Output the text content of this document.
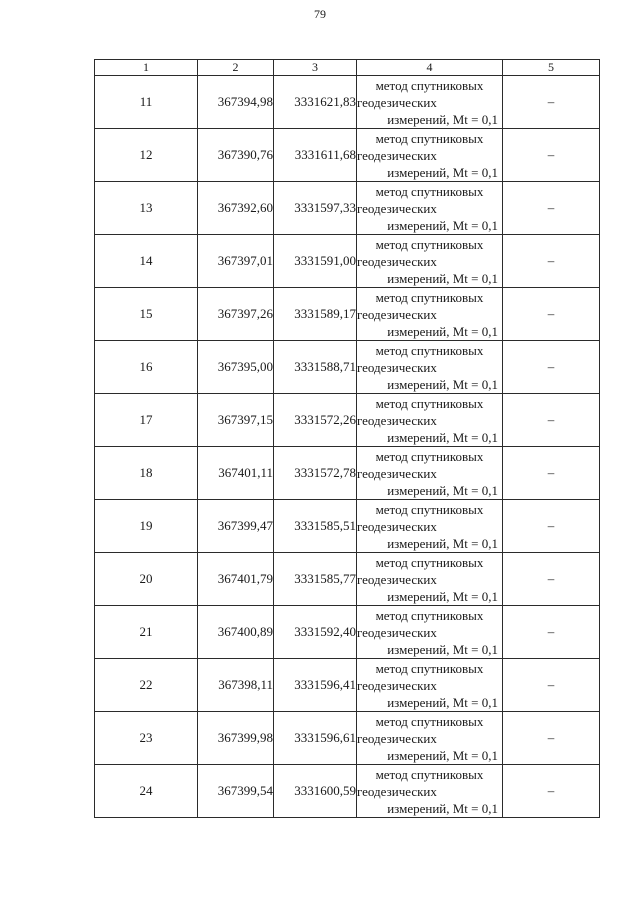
79
1	2	3	4	5
11	367394,98	3331621,83	метод спутниковых
геодезических
измерений, Mt = 0,1	–
12	367390,76	3331611,68	метод спутниковых
геодезических
измерений, Mt = 0,1	–
13	367392,60	3331597,33	метод спутниковых
геодезических
измерений, Mt = 0,1	–
14	367397,01	3331591,00	метод спутниковых
геодезических
измерений, Mt = 0,1	–
15	367397,26	3331589,17	метод спутниковых
геодезических
измерений, Mt = 0,1	–
16	367395,00	3331588,71	метод спутниковых
геодезических
измерений, Mt = 0,1	–
17	367397,15	3331572,26	метод спутниковых
геодезических
измерений, Mt = 0,1	–
18	367401,11	3331572,78	метод спутниковых
геодезических
измерений, Mt = 0,1	–
19	367399,47	3331585,51	метод спутниковых
геодезических
измерений, Mt = 0,1	–
20	367401,79	3331585,77	метод спутниковых
геодезических
измерений, Mt = 0,1	–
21	367400,89	3331592,40	метод спутниковых
геодезических
измерений, Mt = 0,1	–
22	367398,11	3331596,41	метод спутниковых
геодезических
измерений, Mt = 0,1	–
23	367399,98	3331596,61	метод спутниковых
геодезических
измерений, Mt = 0,1	–
24	367399,54	3331600,59	метод спутниковых
геодезических
измерений, Mt = 0,1	–
